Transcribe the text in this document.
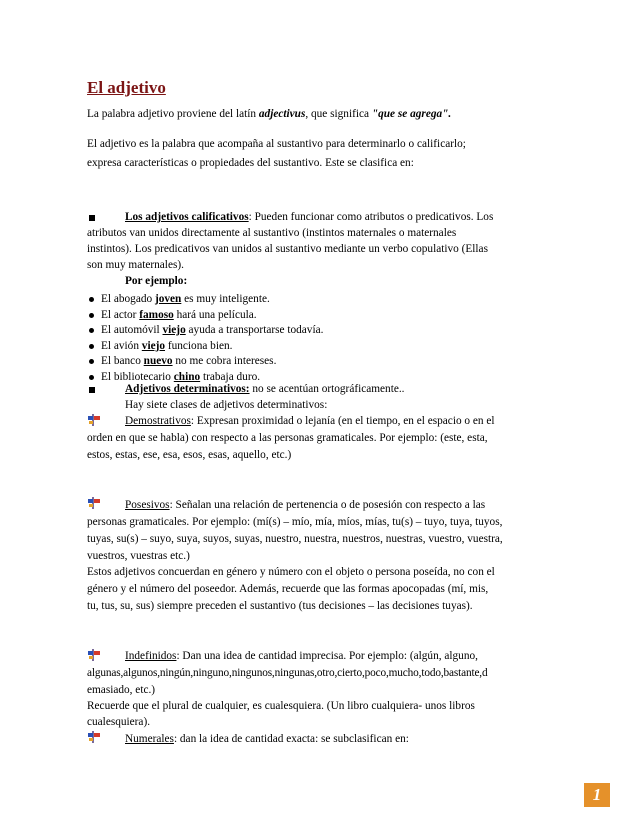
El adjetivo
La palabra adjetivo proviene del latín adjectivus, que significa "que se agrega".
El adjetivo es la palabra que acompaña al sustantivo para determinarlo o calificarlo;
expresa características o propiedades del sustantivo. Este se clasifica en:
Los adjetivos calificativos: Pueden funcionar como atributos o predicativos. Los
atributos van unidos directamente al sustantivo (instintos maternales o maternales
instintos). Los predicativos van unidos al sustantivo mediante un verbo copulativo (Ellas
son muy maternales).
Por ejemplo:
El abogado joven es muy inteligente.
El actor famoso hará una película.
El automóvil viejo ayuda a transportarse todavía.
El avión viejo funciona bien.
El banco nuevo no me cobra intereses.
El bibliotecario chino trabaja duro.
Adjetivos determinativos: no se acentúan ortográficamente..
Hay siete clases de adjetivos determinativos:
Demostrativos: Expresan proximidad o lejanía (en el tiempo, en el espacio o en el
orden en que se habla) con respecto a las personas gramaticales. Por ejemplo: (este, esta,
estos, estas, ese, esa, esos, esas, aquello, etc.)
Posesivos: Señalan una relación de pertenencia o de posesión con respecto a las
personas gramaticales. Por ejemplo: (mí(s) – mío, mía, míos, mías, tu(s) – tuyo, tuya, tuyos,
tuyas, su(s) – suyo, suya, suyos, suyas, nuestro, nuestra, nuestros, nuestras, vuestro, vuestra,
vuestros, vuestras etc.)
Estos adjetivos concuerdan en género y número con el objeto o persona poseída, no con el
género y el número del poseedor. Además, recuerde que las formas apocopadas (mí, mis,
tu, tus, su, sus) siempre preceden el sustantivo (tus decisiones – las decisiones tuyas).
Indefinidos: Dan una idea de cantidad imprecisa. Por ejemplo: (algún, alguno,
algunas,algunos,ningún,ninguno,ningunos,ningunas,otro,cierto,poco,mucho,todo,bastante,d
emasiado, etc.)
Recuerde que el plural de cualquier, es cualesquiera. (Un libro cualquiera- unos libros
cualesquiera).
Numerales: dan la idea de cantidad exacta: se subclasifican en:
1
